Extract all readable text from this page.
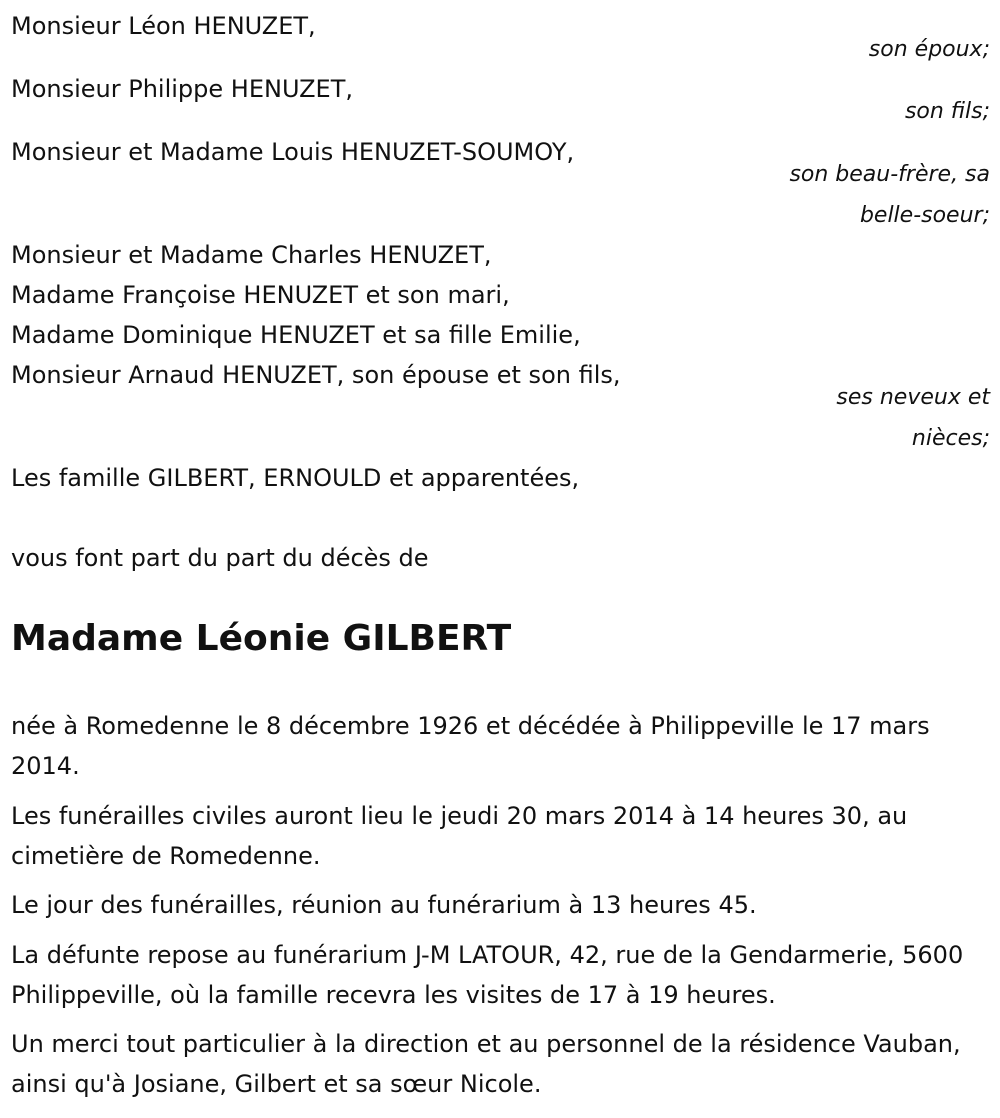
Monsieur Léon HENUZET,
son époux;
Monsieur Philippe HENUZET,
son fils;
Monsieur et Madame Louis HENUZET-SOUMOY,
son beau-frère, sa
belle-soeur;
Monsieur et Madame Charles HENUZET,
Madame Françoise HENUZET et son mari,
Madame Dominique HENUZET et sa fille Emilie,
Monsieur Arnaud HENUZET, son épouse et son fils,
ses neveux et
nièces;
Les famille GILBERT, ERNOULD et apparentées,
vous font part du part du décès de
Madame Léonie GILBERT
née à Romedenne le 8 décembre 1926 et décédée à Philippeville le 17 mars 2014.
Les funérailles civiles auront lieu le jeudi 20 mars 2014 à 14 heures 30, au cimetière de Romedenne.
Le jour des funérailles, réunion au funérarium à 13 heures 45.
La défunte repose au funérarium J-M LATOUR, 42, rue de la Gendarmerie, 5600 Philippeville, où la famille recevra les visites de 17 à 19 heures.
Un merci tout particulier à la direction et au personnel de la résidence Vauban, ainsi qu'à Josiane, Gilbert et sa sœur Nicole.
